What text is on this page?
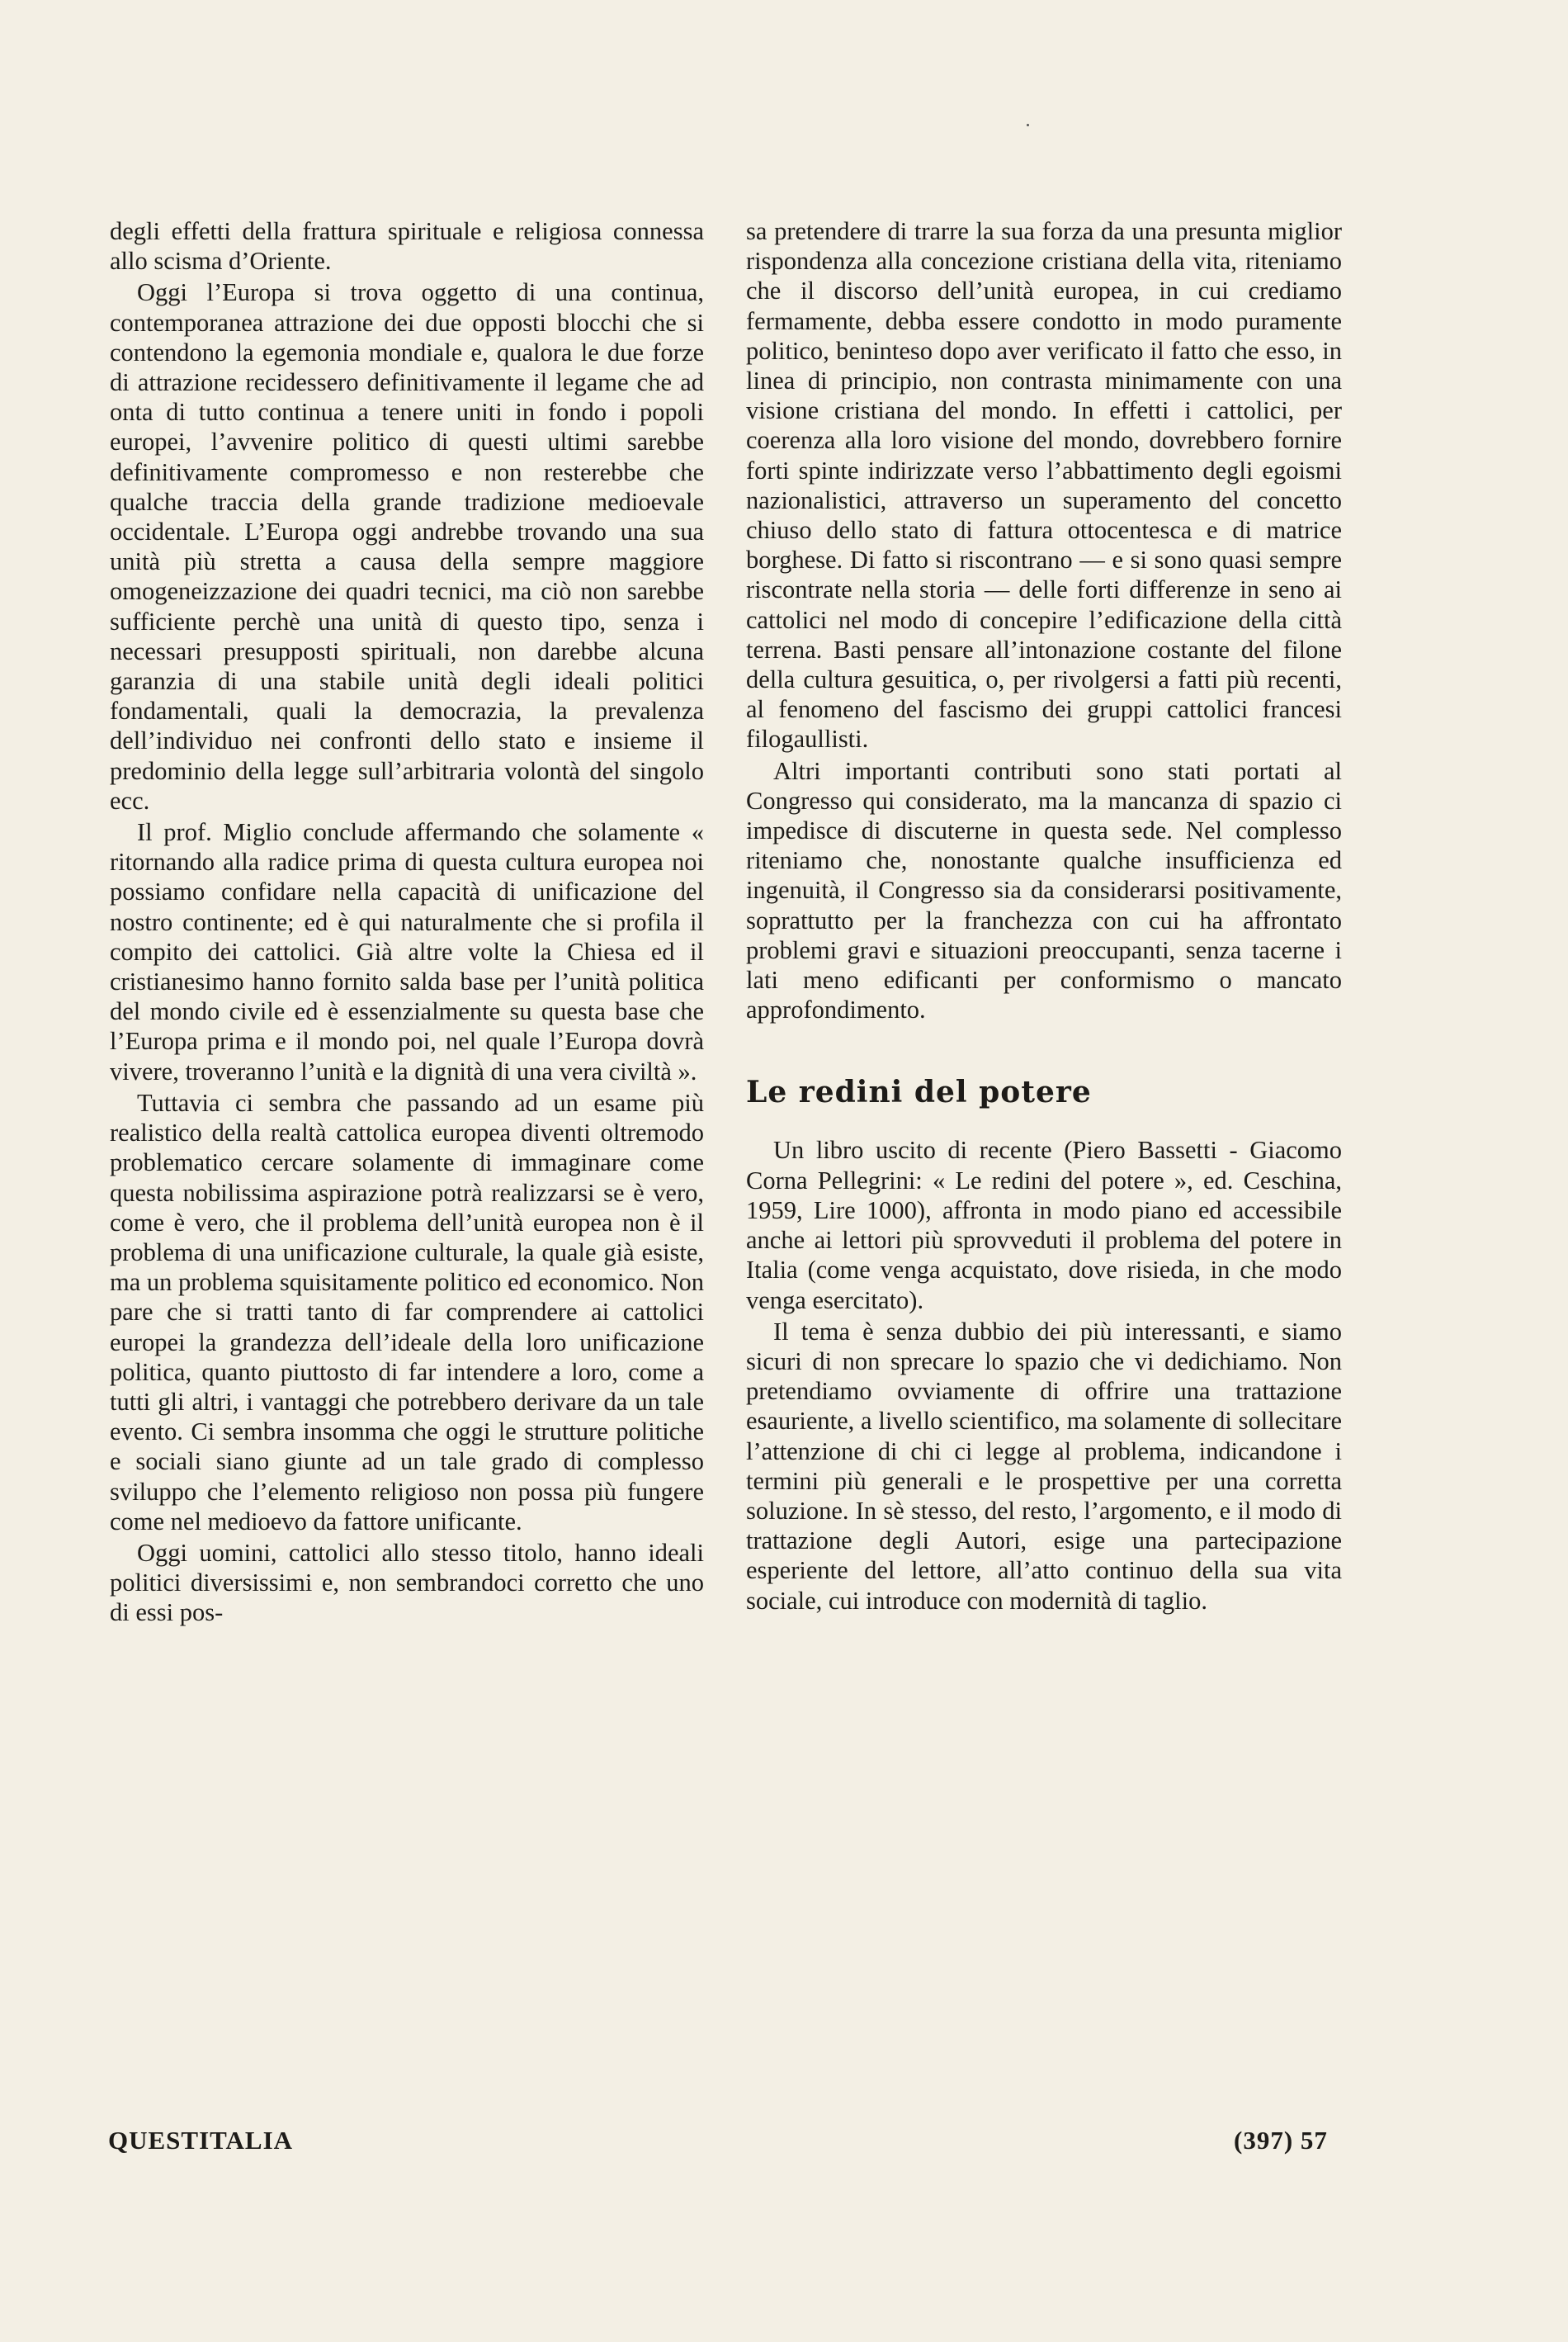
degli effetti della frattura spirituale e religiosa connessa allo scisma d’Oriente.

Oggi l’Europa si trova oggetto di una continua, contemporanea attrazione dei due opposti blocchi che si contendono la egemonia mondiale e, qualora le due forze di attrazione recidessero definitivamente il legame che ad onta di tutto continua a tenere uniti in fondo i popoli europei, l’avvenire politico di questi ultimi sarebbe definitivamente compromesso e non resterebbe che qualche traccia della grande tradizione medioevale occidentale. L’Europa oggi andrebbe trovando una sua unità più stretta a causa della sempre maggiore omogeneizzazione dei quadri tecnici, ma ciò non sarebbe sufficiente perchè una unità di questo tipo, senza i necessari presupposti spirituali, non darebbe alcuna garanzia di una stabile unità degli ideali politici fondamentali, quali la democrazia, la prevalenza dell’individuo nei confronti dello stato e insieme il predominio della legge sull’arbitraria volontà del singolo ecc.

Il prof. Miglio conclude affermando che solamente « ritornando alla radice prima di questa cultura europea noi possiamo confidare nella capacità di unificazione del nostro continente; ed è qui naturalmente che si profila il compito dei cattolici. Già altre volte la Chiesa ed il cristianesimo hanno fornito salda base per l’unità politica del mondo civile ed è essenzialmente su questa base che l’Europa prima e il mondo poi, nel quale l’Europa dovrà vivere, troveranno l’unità e la dignità di una vera civiltà ».

Tuttavia ci sembra che passando ad un esame più realistico della realtà cattolica europea diventi oltremodo problematico cercare solamente di immaginare come questa nobilissima aspirazione potrà realizzarsi se è vero, come è vero, che il problema dell’unità europea non è il problema di una unificazione culturale, la quale già esiste, ma un problema squisitamente politico ed economico. Non pare che si tratti tanto di far comprendere ai cattolici europei la grandezza dell’ideale della loro unificazione politica, quanto piuttosto di far intendere a loro, come a tutti gli altri, i vantaggi che potrebbero derivare da un tale evento. Ci sembra insomma che oggi le strutture politiche e sociali siano giunte ad un tale grado di complesso sviluppo che l’elemento religioso non possa più fungere come nel medioevo da fattore unificante.

Oggi uomini, cattolici allo stesso titolo, hanno ideali politici diversissimi e, non sembrandoci corretto che uno di essi pos-

sa pretendere di trarre la sua forza da una presunta miglior rispondenza alla concezione cristiana della vita, riteniamo che il discorso dell’unità europea, in cui crediamo fermamente, debba essere condotto in modo puramente politico, beninteso dopo aver verificato il fatto che esso, in linea di principio, non contrasta minimamente con una visione cristiana del mondo. In effetti i cattolici, per coerenza alla loro visione del mondo, dovrebbero fornire forti spinte indirizzate verso l’abbattimento degli egoismi nazionalistici, attraverso un superamento del concetto chiuso dello stato di fattura ottocentesca e di matrice borghese. Di fatto si riscontrano — e si sono quasi sempre riscontrate nella storia — delle forti differenze in seno ai cattolici nel modo di concepire l’edificazione della città terrena. Basti pensare all’intonazione costante del filone della cultura gesuitica, o, per rivolgersi a fatti più recenti, al fenomeno del fascismo dei gruppi cattolici francesi filogaullisti.

Altri importanti contributi sono stati portati al Congresso qui considerato, ma la mancanza di spazio ci impedisce di discuterne in questa sede. Nel complesso riteniamo che, nonostante qualche insufficienza ed ingenuità, il Congresso sia da considerarsi positivamente, soprattutto per la franchezza con cui ha affrontato problemi gravi e situazioni preoccupanti, senza tacerne i lati meno edificanti per conformismo o mancato approfondimento.

Le redini del potere

Un libro uscito di recente (Piero Bassetti - Giacomo Corna Pellegrini: « Le redini del potere », ed. Ceschina, 1959, Lire 1000), affronta in modo piano ed accessibile anche ai lettori più sprovveduti il problema del potere in Italia (come venga acquistato, dove risieda, in che modo venga esercitato).

Il tema è senza dubbio dei più interessanti, e siamo sicuri di non sprecare lo spazio che vi dedichiamo. Non pretendiamo ovviamente di offrire una trattazione esauriente, a livello scientifico, ma solamente di sollecitare l’attenzione di chi ci legge al problema, indicandone i termini più generali e le prospettive per una corretta soluzione. In sè stesso, del resto, l’argomento, e il modo di trattazione degli Autori, esige una partecipazione esperiente del lettore, all’atto continuo della sua vita sociale, cui introduce con modernità di taglio.

QUESTITALIA	(397) 57
